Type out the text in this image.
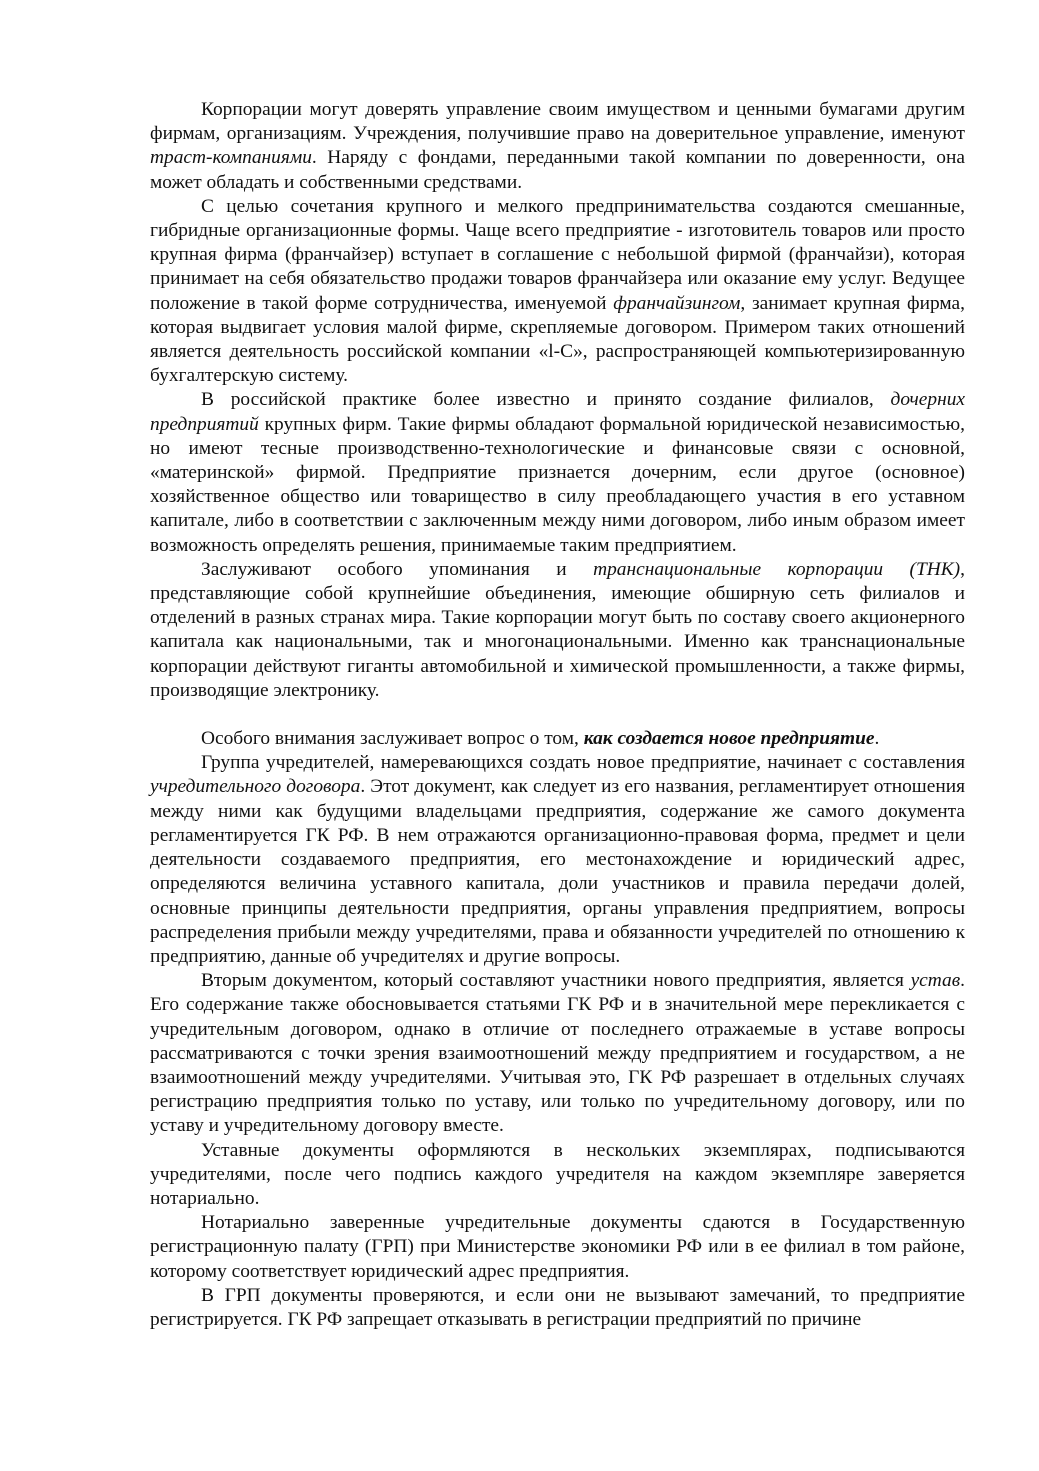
Корпорации могут доверять управление своим имуществом и ценными бумагами другим фирмам, организациям. Учреждения, получившие право на доверительное управление, именуют траст-компаниями. Наряду с фондами, переданными такой компании по доверенности, она может обладать и собственными средствами.

С целью сочетания крупного и мелкого предпринимательства создаются смешанные, гибридные организационные формы. Чаще всего предприятие - изготовитель товаров или просто крупная фирма (франчайзер) вступает в соглашение с небольшой фирмой (франчайзи), которая принимает на себя обязательство продажи товаров франчайзера или оказание ему услуг. Ведущее положение в такой форме сотрудничества, именуемой франчайзингом, занимает крупная фирма, которая выдвигает условия малой фирме, скрепляемые договором. Примером таких отношений является деятельность российской компании «l-С», распространяющей компьютеризированную бухгалтерскую систему.

В российской практике более известно и принято создание филиалов, дочерних предприятий крупных фирм. Такие фирмы обладают формальной юридической независимостью, но имеют тесные производственно-технологические и финансовые связи с основной, «материнской» фирмой. Предприятие признается дочерним, если другое (основное) хозяйственное общество или товарищество в силу преобладающего участия в его уставном капитале, либо в соответствии с заключенным между ними договором, либо иным образом имеет возможность определять решения, принимаемые таким предприятием.

Заслуживают особого упоминания и транснациональные корпорации (ТНК), представляющие собой крупнейшие объединения, имеющие обширную сеть филиалов и отделений в разных странах мира. Такие корпорации могут быть по составу своего акционерного капитала как национальными, так и многонациональными. Именно как транснациональные корпорации действуют гиганты автомобильной и химической промышленности, а также фирмы, производящие электронику.

Особого внимания заслуживает вопрос о том, как создается новое предприятие.

Группа учредителей, намеревающихся создать новое предприятие, начинает с составления учредительного договора. Этот документ, как следует из его названия, регламентирует отношения между ними как будущими владельцами предприятия, содержание же самого документа регламентируется ГК РФ. В нем отражаются организационно-правовая форма, предмет и цели деятельности создаваемого предприятия, его местонахождение и юридический адрес, определяются величина уставного капитала, доли участников и правила передачи долей, основные принципы деятельности предприятия, органы управления предприятием, вопросы распределения прибыли между учредителями, права и обязанности учредителей по отношению к предприятию, данные об учредителях и другие вопросы.

Вторым документом, который составляют участники нового предприятия, является устав. Его содержание также обосновывается статьями ГК РФ и в значительной мере перекликается с учредительным договором, однако в отличие от последнего отражаемые в уставе вопросы рассматриваются с точки зрения взаимоотношений между предприятием и государством, а не взаимоотношений между учредителями. Учитывая это, ГК РФ разрешает в отдельных случаях регистрацию предприятия только по уставу, или только по учредительному договору, или по уставу и учредительному договору вместе.

Уставные документы оформляются в нескольких экземплярах, подписываются учредителями, после чего подпись каждого учредителя на каждом экземпляре заверяется нотариально.

Нотариально заверенные учредительные документы сдаются в Государственную регистрационную палату (ГРП) при Министерстве экономики РФ или в ее филиал в том районе, которому соответствует юридический адрес предприятия.

В ГРП документы проверяются, и если они не вызывают замечаний, то предприятие регистрируется. ГК РФ запрещает отказывать в регистрации предприятий по причине
